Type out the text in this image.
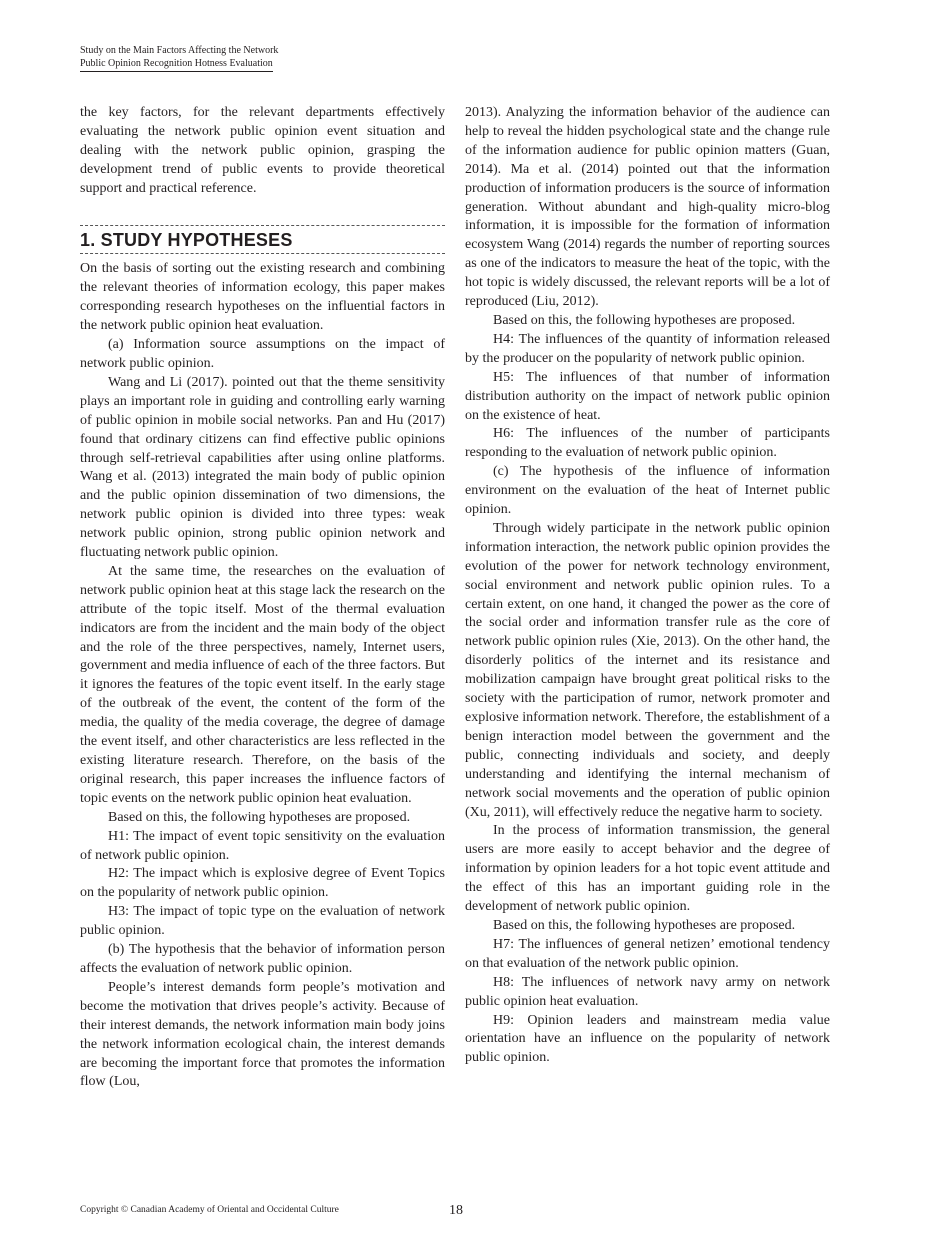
Study on the Main Factors Affecting the Network
Public Opinion Recognition Hotness Evaluation

the key factors, for the relevant departments effectively evaluating the network public opinion event situation and dealing with the network public opinion, grasping the development trend of public events to provide theoretical support and practical reference.

1. STUDY HYPOTHESES

On the basis of sorting out the existing research and combining the relevant theories of information ecology, this paper makes corresponding research hypotheses on the influential factors in the network public opinion heat evaluation.

(a) Information source assumptions on the impact of network public opinion.

Wang and Li (2017). pointed out that the theme sensitivity plays an important role in guiding and controlling early warning of public opinion in mobile social networks. Pan and Hu (2017) found that ordinary citizens can find effective public opinions through self-retrieval capabilities after using online platforms. Wang et al. (2013) integrated the main body of public opinion and the public opinion dissemination of two dimensions, the network public opinion is divided into three types: weak network public opinion, strong public opinion network and fluctuating network public opinion.

At the same time, the researches on the evaluation of network public opinion heat at this stage lack the research on the attribute of the topic itself. Most of the thermal evaluation indicators are from the incident and the main body of the object and the role of the three perspectives, namely, Internet users, government and media influence of each of the three factors. But it ignores the features of the topic event itself. In the early stage of the outbreak of the event, the content of the form of the media, the quality of the media coverage, the degree of damage the event itself, and other characteristics are less reflected in the existing literature research. Therefore, on the basis of the original research, this paper increases the influence factors of topic events on the network public opinion heat evaluation.

Based on this, the following hypotheses are proposed.

H1: The impact of event topic sensitivity on the evaluation of network public opinion.

H2: The impact which is explosive degree of Event Topics on the popularity of network public opinion.

H3: The impact of topic type on the evaluation of network public opinion.

(b) The hypothesis that the behavior of information person affects the evaluation of network public opinion.

People’s interest demands form people’s motivation and become the motivation that drives people’s activity. Because of their interest demands, the network information main body joins the network information ecological chain, the interest demands are becoming the important force that promotes the information flow (Lou,

2013). Analyzing the information behavior of the audience can help to reveal the hidden psychological state and the change rule of the information audience for public opinion matters (Guan, 2014). Ma et al. (2014) pointed out that the information production of information producers is the source of information generation. Without abundant and high-quality micro-blog information, it is impossible for the formation of information ecosystem Wang (2014) regards the number of reporting sources as one of the indicators to measure the heat of the topic, with the hot topic is widely discussed, the relevant reports will be a lot of reproduced (Liu, 2012).

Based on this, the following hypotheses are proposed.

H4: The influences of the quantity of information released by the producer on the popularity of network public opinion.

H5: The influences of that number of information distribution authority on the impact of network public opinion on the existence of heat.

H6: The influences of the number of participants responding to the evaluation of network public opinion.

(c) The hypothesis of the influence of information environment on the evaluation of the heat of Internet public opinion.

Through widely participate in the network public opinion information interaction, the network public opinion provides the evolution of the power for network technology environment, social environment and network public opinion rules. To a certain extent, on one hand, it changed the power as the core of the social order and information transfer rule as the core of network public opinion rules (Xie, 2013). On the other hand, the disorderly politics of the internet and its resistance and mobilization campaign have brought great political risks to the society with the participation of rumor, network promoter and explosive information network. Therefore, the establishment of a benign interaction model between the government and the public, connecting individuals and society, and deeply understanding and identifying the internal mechanism of network social movements and the operation of public opinion (Xu, 2011), will effectively reduce the negative harm to society.

In the process of information transmission, the general users are more easily to accept behavior and the degree of information by opinion leaders for a hot topic event attitude and the effect of this has an important guiding role in the development of network public opinion.

Based on this, the following hypotheses are proposed.

H7: The influences of general netizen’ emotional tendency on that evaluation of the network public opinion.

H8: The influences of network navy army on network public opinion heat evaluation.

H9: Opinion leaders and mainstream media value orientation have an influence on the popularity of network public opinion.

Copyright © Canadian Academy of Oriental and Occidental Culture	18
